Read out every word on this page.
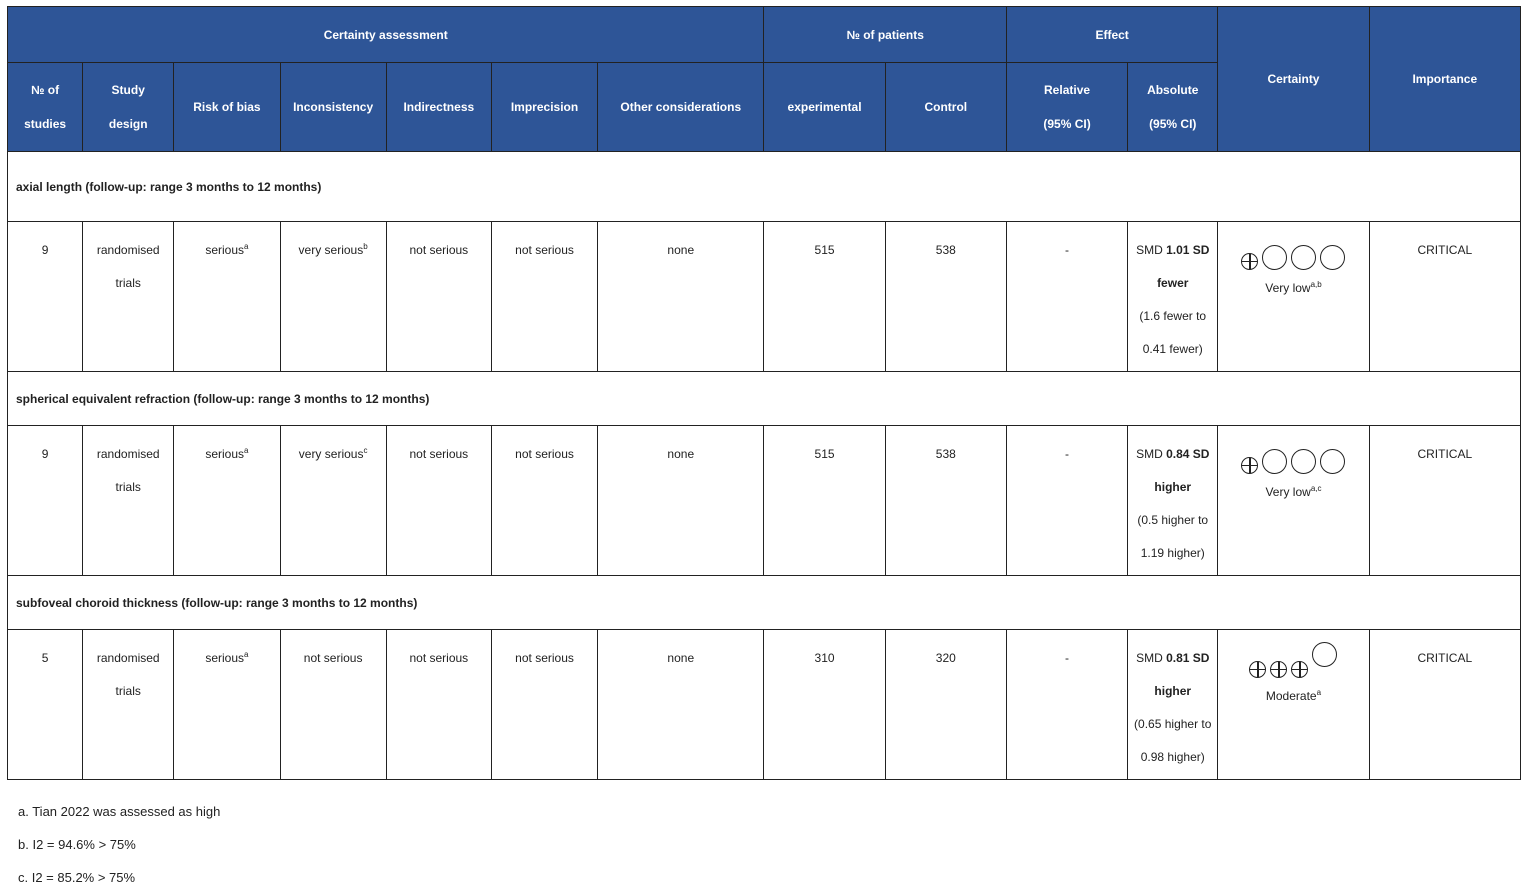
Certainty assessment							№ of patients		Effect		Certainty	Importance
№ of
studies	Study
design	Risk of bias	Inconsistency	Indirectness	Imprecision	Other considerations	experimental	Control	Relative
(95% CI)	Absolute
(95% CI)		
axial length (follow-up: range 3 months to 12 months)												
9	randomised
trials	serious$^a$	very serious$^b$	not serious	not serious	none	515	538	-	SMD 1.01 SD
fewer
(1.6 fewer to
0.41 fewer)	Very low$^{a,b}$	CRITICAL
spherical equivalent refraction (follow-up: range 3 months to 12 months)												
9	randomised
trials	serious$^a$	very serious$^c$	not serious	not serious	none	515	538	-	SMD 0.84 SD
higher
(0.5 higher to
1.19 higher)	Very low$^{a,c}$	CRITICAL
subfoveal choroid thickness (follow-up: range 3 months to 12 months)												
5	randomised
trials	serious$^a$	not serious	not serious	not serious	none	310	320	-	SMD 0.81 SD
higher
(0.65 higher to
0.98 higher)	Moderate$^a$	CRITICAL
a. Tian 2022 was assessed as high
b. I2 = 94.6% > 75%
c. I2 = 85.2% > 75%
